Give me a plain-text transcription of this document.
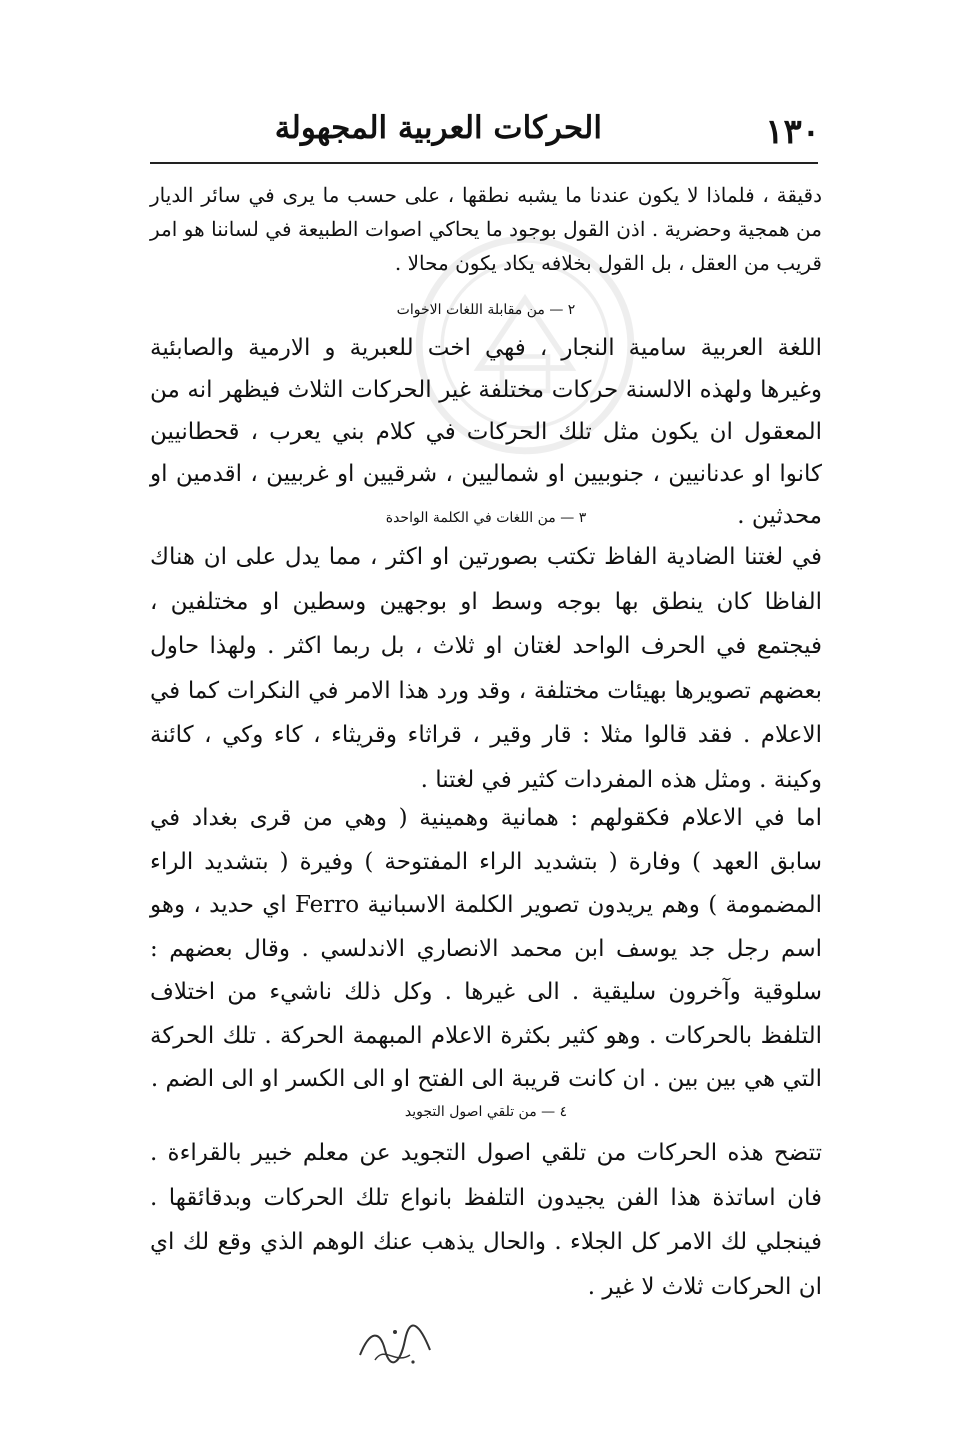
١٣٠
الحركات العربية المجهولة
دقيقة ، فلماذا لا يكون عندنا ما يشبه نطقها ، على حسب ما يرى في سائر الديار من همجية وحضرية . اذن القول بوجود ما يحاكي اصوات الطبيعة في لساننا هو امر قريب من العقل ، بل القول بخلافه يكاد يكون محالا .
٢ — من مقابلة اللغات الاخوات
اللغة العربية سامية النجار ، فهي اخت للعبرية و الارمية والصابئية وغيرها ولهذه الالسنة حركات مختلفة غير الحركات الثلاث فيظهر انه من المعقول ان يكون مثل تلك الحركات في كلام بني يعرب ، قحطانيين كانوا او عدنانيين ، جنوبيين او شماليين ، شرقيين او غربيين ، اقدمين او محدثين .
٣ — من اللغات في الكلمة الواحدة
في لغتنا الضادية الفاظ تكتب بصورتين او اكثر ، مما يدل على ان هناك الفاظا كان ينطق بها بوجه وسط او بوجهين وسطين او مختلفين ، فيجتمع في الحرف الواحد لغتان او ثلاث ، بل ربما اكثر . ولهذا حاول بعضهم تصويرها بهيئات مختلفة ، وقد ورد هذا الامر في النكرات كما في الاعلام . فقد قالوا مثلا : قار وقير ، قراثاء وقريثاء ، كاء وكي ، كائنة وكينة . ومثل هذه المفردات كثير في لغتنا .
اما في الاعلام فكقولهم : همانية وهمينية ( وهي من قرى بغداد في سابق العهد ) وفارة ( بتشديد الراء المفتوحة ) وفيرة ( بتشديد الراء المضمومة ) وهم يريدون تصوير الكلمة الاسبانية Ferro اي حديد ، وهو اسم رجل جد يوسف ابن محمد الانصاري الاندلسي . وقال بعضهم : سلوقية وآخرون سليقية . الى غيرها . وكل ذلك ناشيء من اختلاف التلفظ بالحركات . وهو كثير بكثرة الاعلام المبهمة الحركة . تلك الحركة التي هي بين بين . ان كانت قريبة الى الفتح او الى الكسر او الى الضم .
٤ — من تلقي اصول التجويد
تتضح هذه الحركات من تلقي اصول التجويد عن معلم خبير بالقراءة . فان اساتذة هذا الفن يجيدون التلفظ بانواع تلك الحركات وبدقائقها . فينجلي لك الامر كل الجلاء . والحال يذهب عنك الوهم الذي وقع لك اي ان الحركات ثلاث لا غير .
